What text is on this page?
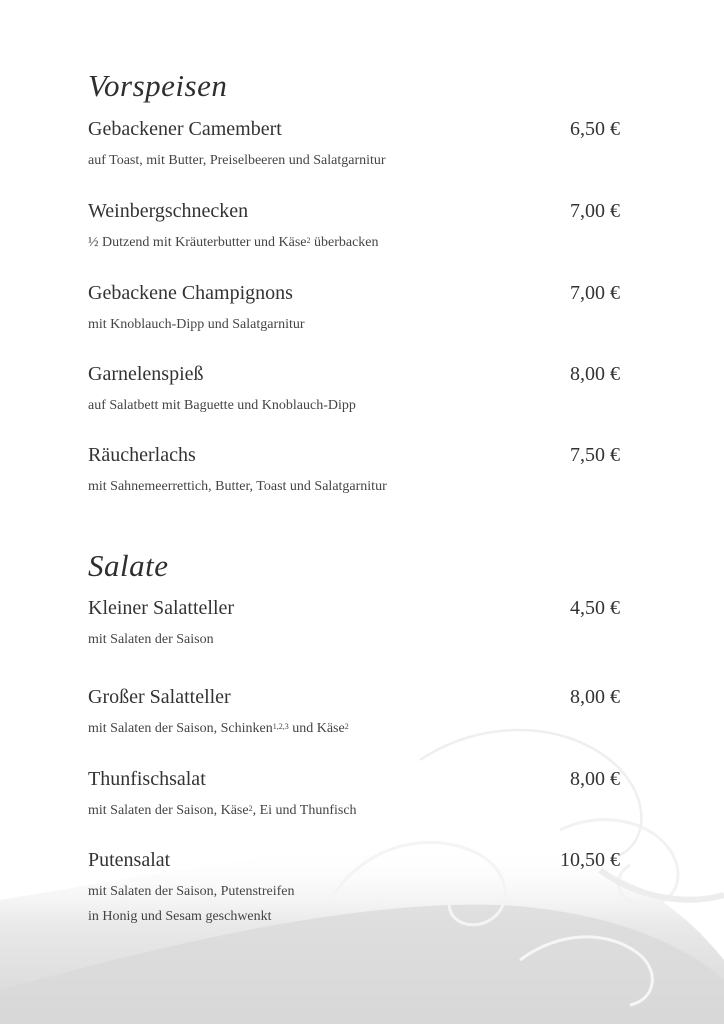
Vorspeisen
Gebackener Camembert	6,50 €
auf Toast, mit Butter, Preiselbeeren und Salatgarnitur
Weinbergschnecken	7,00 €
½ Dutzend mit Kräuterbutter und Käse$^2$ überbacken
Gebackene Champignons	7,00 €
mit Knoblauch-Dipp und Salatgarnitur
Garnelenspieß	8,00 €
auf Salatbett mit Baguette und Knoblauch-Dipp
Räucherlachs	7,50 €
mit Sahnemeerrettich, Butter, Toast und Salatgarnitur
Salate
Kleiner Salatteller	4,50 €
mit Salaten der Saison
Großer Salatteller	8,00 €
mit Salaten der Saison, Schinken$^{1,2,3}$ und Käse$^2$
Thunfischsalat	8,00 €
mit Salaten der Saison, Käse$^2$, Ei und Thunfisch
Putensalat	10,50 €
mit Salaten der Saison, Putenstreifen
in Honig und Sesam geschwenkt
